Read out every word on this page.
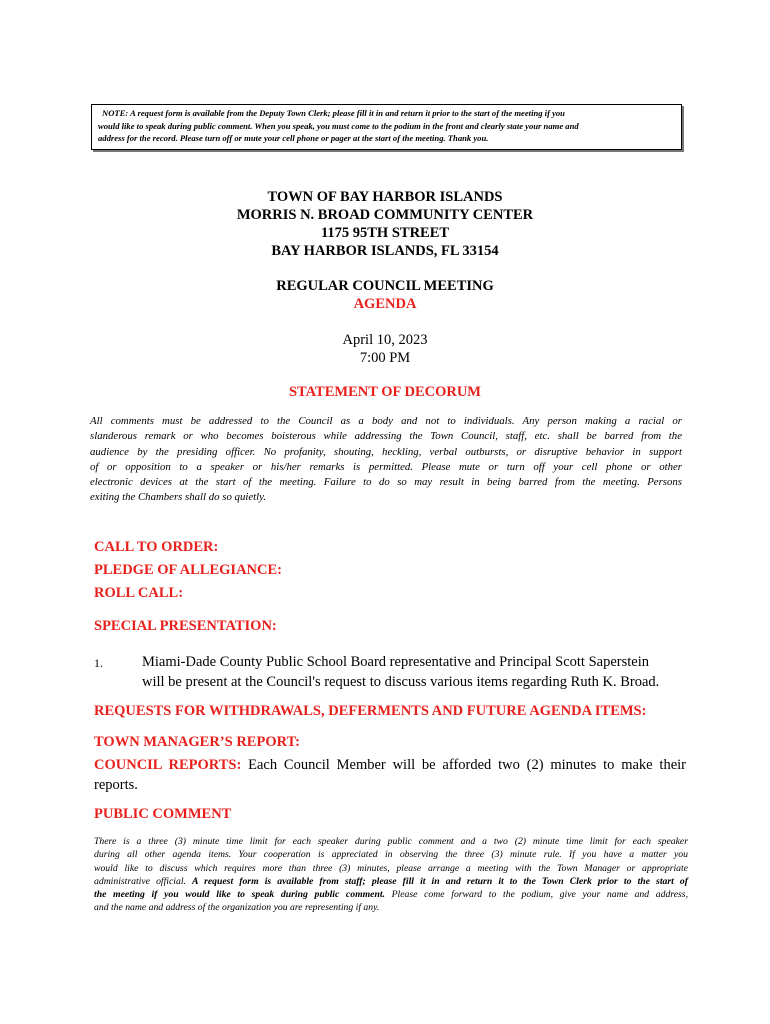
NOTE: A request form is available from the Deputy Town Clerk; please fill it in and return it prior to the start of the meeting if you
would like to speak during public comment. When you speak, you must come to the podium in the front and clearly state your name and
address for the record. Please turn off or mute your cell phone or pager at the start of the meeting. Thank you.
TOWN OF BAY HARBOR ISLANDS
MORRIS N. BROAD COMMUNITY CENTER
1175 95TH STREET
BAY HARBOR ISLANDS, FL 33154
REGULAR COUNCIL MEETING
AGENDA
April 10, 2023
7:00 PM
STATEMENT OF DECORUM
All comments must be addressed to the Council as a body and not to individuals. Any person making a racial or
slanderous remark or who becomes boisterous while addressing the Town Council, staff, etc. shall be barred from the
audience by the presiding officer. No profanity, shouting, heckling, verbal outbursts, or disruptive behavior in support
of or opposition to a speaker or his/her remarks is permitted. Please mute or turn off your cell phone or other
electronic devices at the start of the meeting. Failure to do so may result in being barred from the meeting. Persons
exiting the Chambers shall do so quietly.
CALL TO ORDER:
PLEDGE OF ALLEGIANCE:
ROLL CALL:
SPECIAL PRESENTATION:
1.	Miami-Dade County Public School Board representative and Principal Scott Saperstein
will be present at the Council's request to discuss various items regarding Ruth K. Broad.
REQUESTS FOR WITHDRAWALS, DEFERMENTS AND FUTURE AGENDA ITEMS:
TOWN MANAGER’S REPORT:
COUNCIL REPORTS: Each Council Member will be afforded two (2) minutes to make their
reports.
PUBLIC COMMENT
There is a three (3) minute time limit for each speaker during public comment and a two (2) minute time limit for each speaker
during all other agenda items. Your cooperation is appreciated in observing the three (3) minute rule. If you have a matter you
would like to discuss which requires more than three (3) minutes, please arrange a meeting with the Town Manager or appropriate
administrative official. A request form is available from staff; please fill it in and return it to the Town Clerk prior to the start of
the meeting if you would like to speak during public comment. Please come forward to the podium, give your name and address,
and the name and address of the organization you are representing if any.
